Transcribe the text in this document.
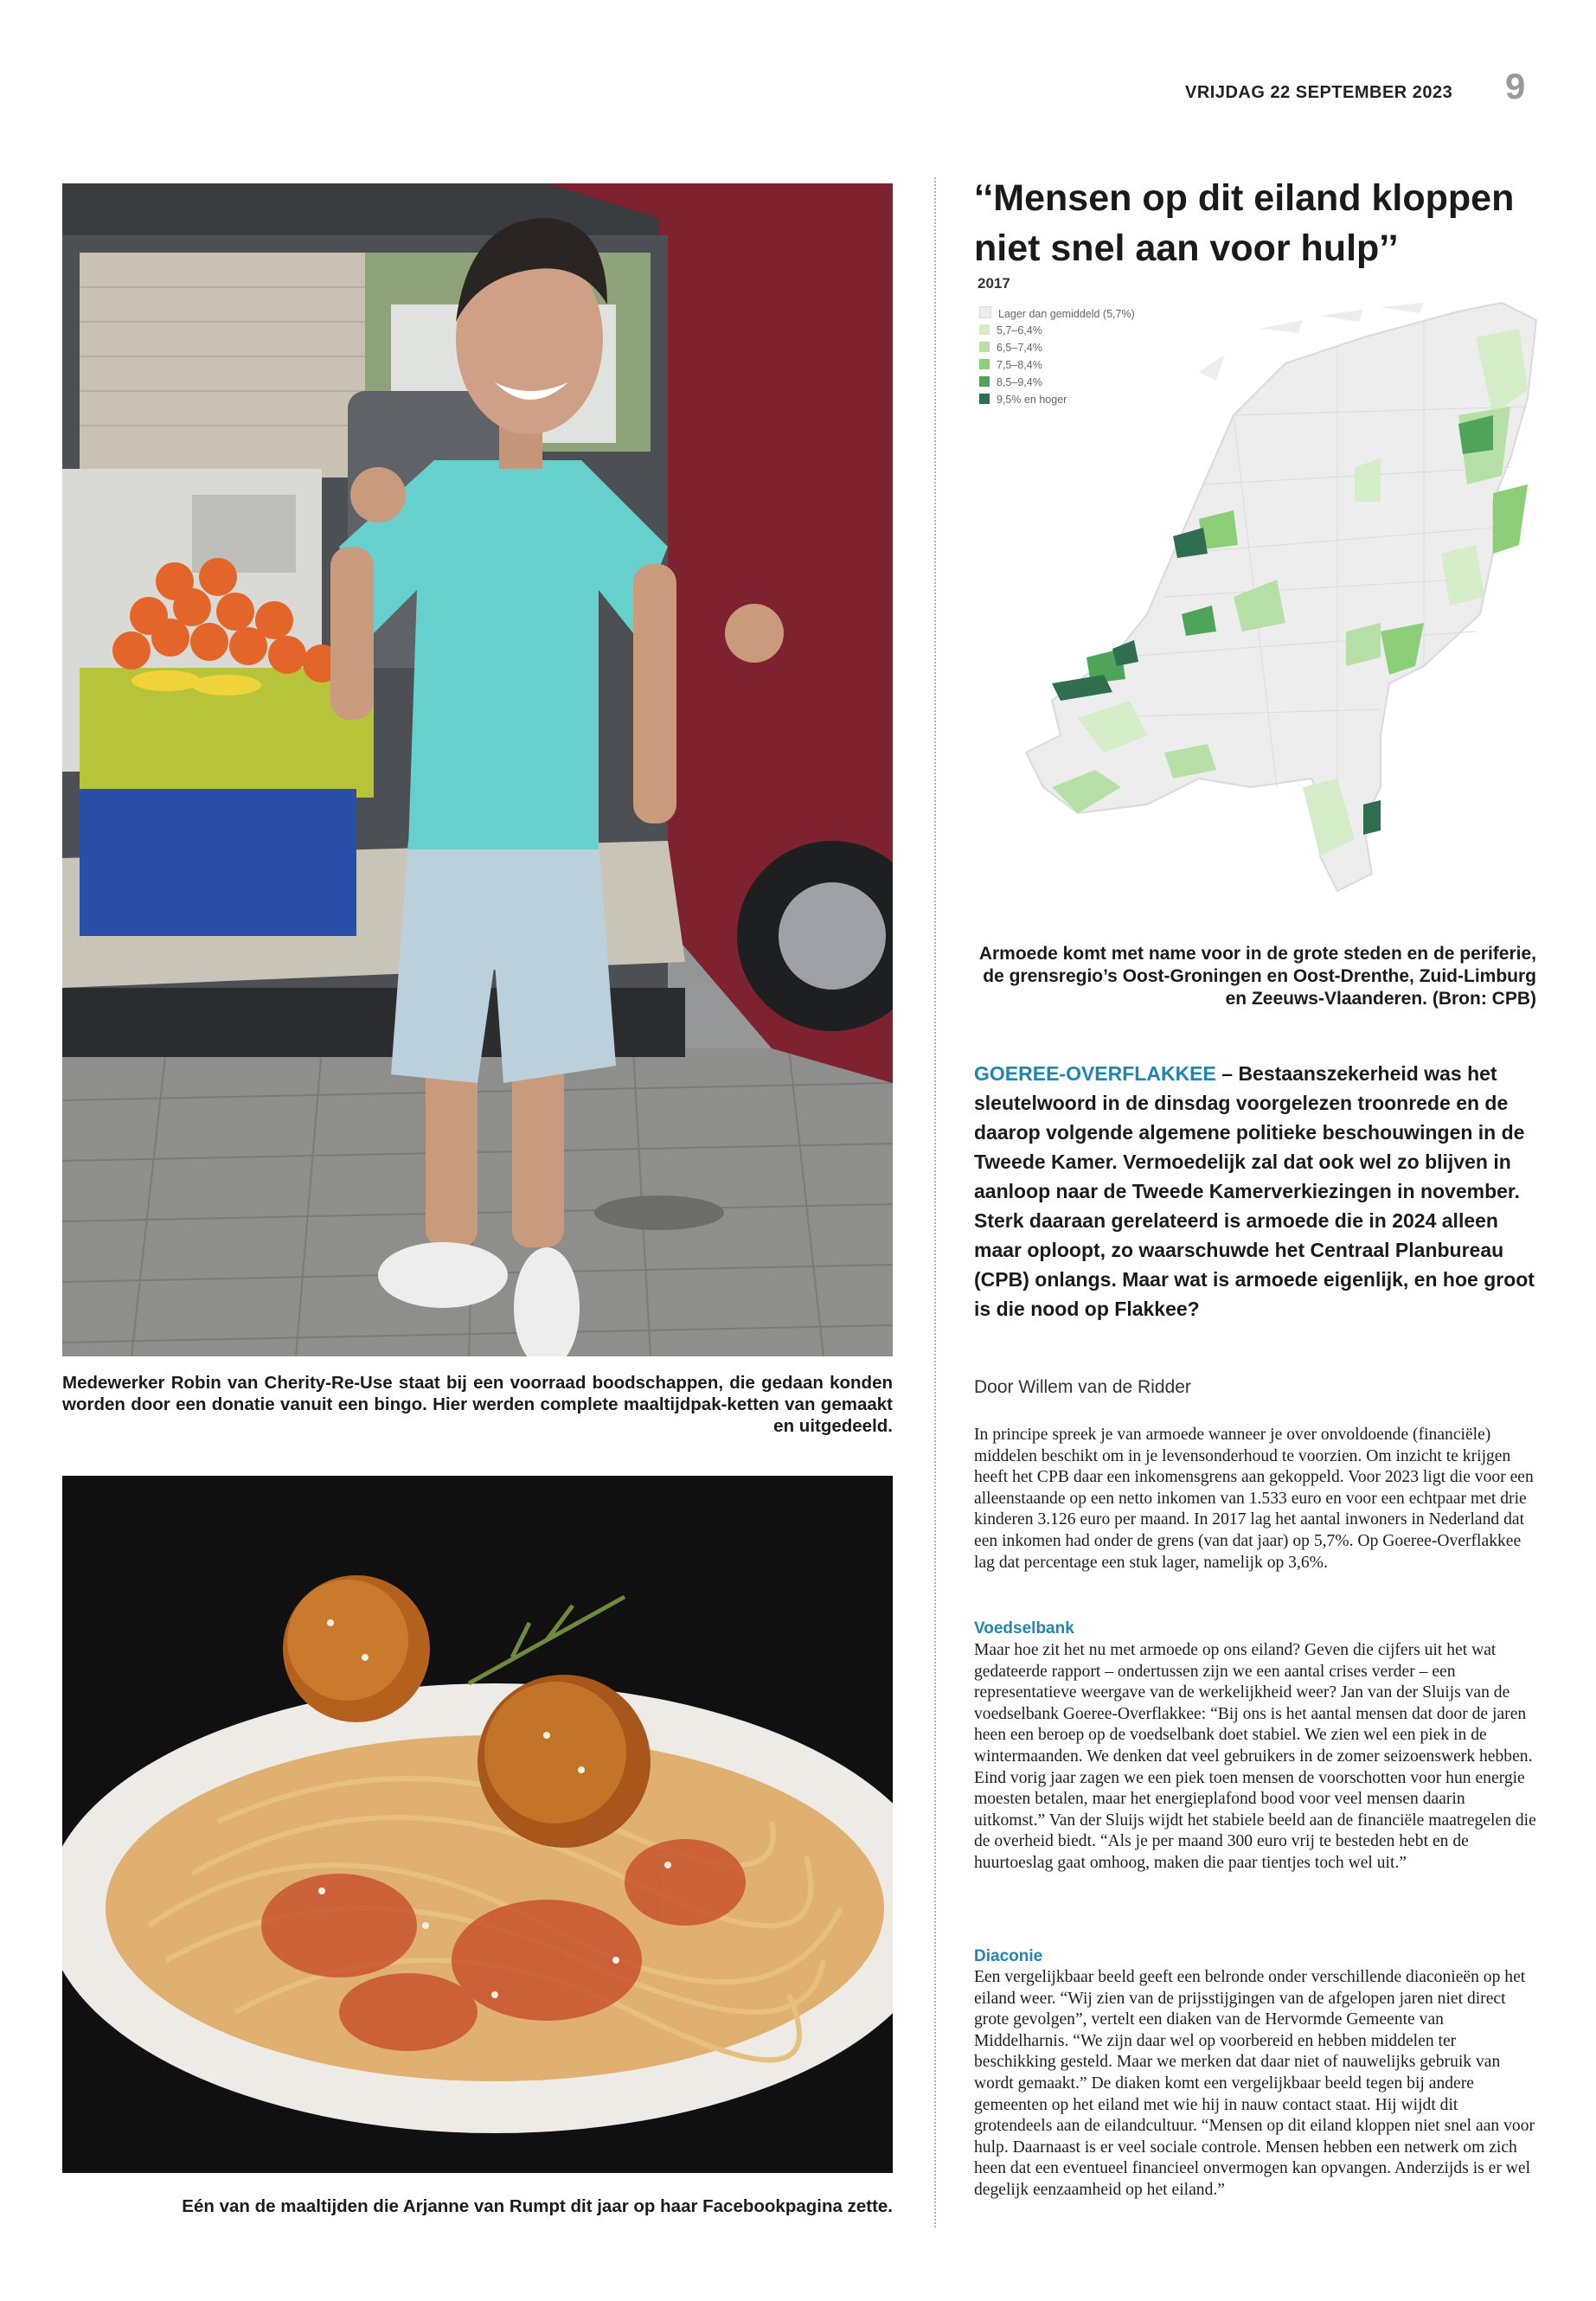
VRIJDAG 22 SEPTEMBER 2023 9
Medewerker Robin van Cherity-Re-Use staat bij een voorraad boodschappen, die gedaan konden worden door een donatie vanuit een bingo. Hier werden complete maaltijdpak-ketten van gemaakt en uitgedeeld.
Eén van de maaltijden die Arjanne van Rumpt dit jaar op haar Facebookpagina zette.
‘‘Mensen op dit eiland kloppen niet snel aan voor hulp’’
2017
Lager dan gemiddeld (5,7%)
5,7–6,4%
6,5–7,4%
7,5–8,4%
8,5–9,4%
9,5% en hoger
Armoede komt met name voor in de grote steden en de periferie, de grensregio’s Oost-Groningen en Oost-Drenthe, Zuid-Limburg en Zeeuws-Vlaanderen. (Bron: CPB)
GOEREE-OVERFLAKKEE – Bestaanszekerheid was het sleutelwoord in de dinsdag voorgelezen troonrede en de daarop volgende algemene politieke beschouwingen in de Tweede Kamer. Vermoedelijk zal dat ook wel zo blijven in aanloop naar de Tweede Kamerverkiezingen in november. Sterk daaraan gerelateerd is armoede die in 2024 alleen maar oploopt, zo waarschuwde het Centraal Planbureau (CPB) onlangs. Maar wat is armoede eigenlijk, en hoe groot is die nood op Flakkee?
Door Willem van de Ridder
In principe spreek je van armoede wanneer je over onvoldoende (financiële) middelen beschikt om in je levensonderhoud te voorzien. Om inzicht te krijgen heeft het CPB daar een inkomensgrens aan gekoppeld. Voor 2023 ligt die voor een alleenstaande op een netto inkomen van 1.533 euro en voor een echtpaar met drie kinderen 3.126 euro per maand. In 2017 lag het aantal inwoners in Nederland dat een inkomen had onder de grens (van dat jaar) op 5,7%. Op Goeree-Overflakkee lag dat percentage een stuk lager, namelijk op 3,6%.
Voedselbank
Maar hoe zit het nu met armoede op ons eiland? Geven die cijfers uit het wat gedateerde rapport – ondertussen zijn we een aantal crises verder – een representatieve weergave van de werkelijkheid weer? Jan van der Sluijs van de voedselbank Goeree-Overflakkee: “Bij ons is het aantal mensen dat door de jaren heen een beroep op de voedselbank doet stabiel. We zien wel een piek in de wintermaanden. We denken dat veel gebruikers in de zomer seizoenswerk hebben. Eind vorig jaar zagen we een piek toen mensen de voorschotten voor hun energie moesten betalen, maar het energieplafond bood voor veel mensen daarin uitkomst.” Van der Sluijs wijdt het stabiele beeld aan de financiële maatregelen die de overheid biedt. “Als je per maand 300 euro vrij te besteden hebt en de huurtoeslag gaat omhoog, maken die paar tientjes toch wel uit.”
Diaconie
Een vergelijkbaar beeld geeft een belronde onder verschillende diaconieën op het eiland weer. “Wij zien van de prijsstijgingen van de afgelopen jaren niet direct grote gevolgen”, vertelt een diaken van de Hervormde Gemeente van Middelharnis. “We zijn daar wel op voorbereid en hebben middelen ter beschikking gesteld. Maar we merken dat daar niet of nauwelijks gebruik van wordt gemaakt.” De diaken komt een vergelijkbaar beeld tegen bij andere gemeenten op het eiland met wie hij in nauw contact staat. Hij wijdt dit grotendeels aan de eilandcultuur. “Mensen op dit eiland kloppen niet snel aan voor hulp. Daarnaast is er veel sociale controle. Mensen hebben een netwerk om zich heen dat een eventueel financieel onvermogen kan opvangen. Anderzijds is er wel degelijk eenzaamheid op het eiland.”
